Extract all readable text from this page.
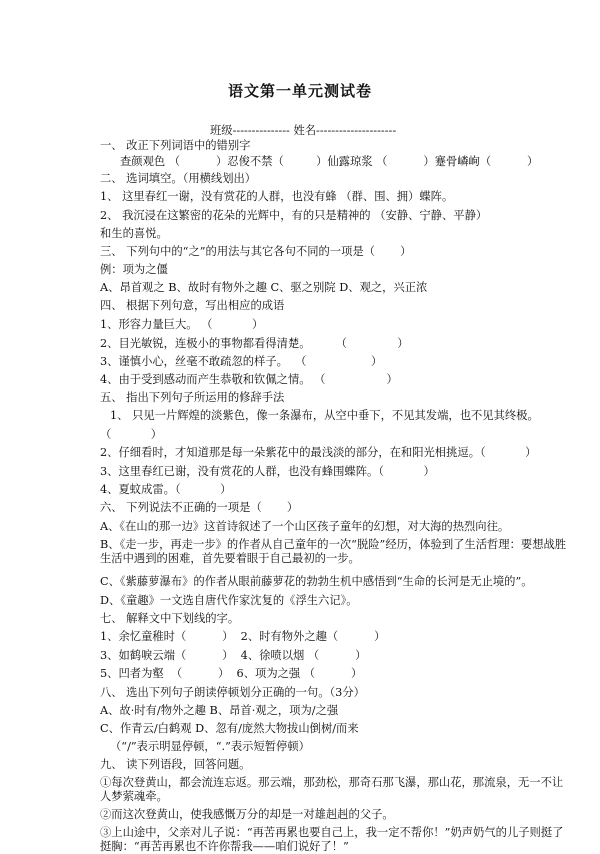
语文第一单元测试卷
班级--------------- 姓名---------------------
一、 改正下列词语中的错别字
查颜观色 （          ）忍俊不禁（         ）仙露琼浆 （          ）蹇骨嶙峋（          ）
二、 选词填空。（用横线划出）
1、 这里春红一谢，没有赏花的人群，也没有蜂 （群、围、拥）蝶阵。
2、 我沉浸在这繁密的花朵的光辉中，有的只是精神的 （安静、宁静、平静）
和生的喜悦。
三、 下列句中的“之”的用法与其它各句不同的一项是（       ）
例：项为之僵
A、昂首观之 B、故时有物外之趣 C、驱之别院 D、观之，兴正浓
四、 根据下列句意，写出相应的成语
1、形容力量巨大。 （           ）
2、目光敏锐，连极小的事物都看得清楚。       （              ）
3、谨慎小心，丝毫不敢疏忽的样子。  （                  ）
4、由于受到感动而产生恭敬和钦佩之情。 （                 ）
五、 指出下列句子所运用的修辞手法
1、 只见一片辉煌的淡紫色，像一条瀑布，从空中垂下，不见其发端，也不见其终极。
（           ）
2、仔细看时，才知道那是每一朵紫花中的最浅淡的部分，在和阳光相挑逗。（           ）
3、这里春红已谢，没有赏花的人群，也没有蜂围蝶阵。（           ）
4、夏蚊成雷。（           ）
六、 下列说法不正确的一项是（       ）
A、《在山的那一边》这首诗叙述了一个山区孩子童年的幻想，对大海的热烈向往。
B、《走一步，再走一步》的作者从自己童年的一次“脱险”经历，体验到了生活哲理：要想战胜生活中遇到的困难，首先要着眼于自己最初的一步。
C、《紫藤萝瀑布》的作者从眼前藤萝花的勃勃生机中感悟到“生命的长河是无止境的”。
D、《童趣》一文选自唐代作家沈复的《浮生六记》。
七、 解释文中下划线的字。
1、余忆童稚时（          ）  2、时有物外之趣（          ）
3、如鹤唳云端（          ）  4、徐喷以烟 （          ）
5、凹者为壑  （          ）  6、项为之强 （          ）
八、 选出下列句子朗读停顿划分正确的一句。（3分）
A、故·时有/物外之趣 B、昂首·观之，项为/之强
C、作青云/白鹤观 D、忽有/庞然大物拔山倒树/而来
（“/”表示明显停顿，“.”表示短暂停顿）
九、 读下列语段，回答问题。
①每次登黄山，都会流连忘返。那云端，那劲松，那奇石那飞瀑，那山花，那流泉，无一不让人梦萦魂牵。
②而这次登黄山，使我感慨万分的却是一对雄赳赳的父子。
③上山途中，父亲对儿子说：“再苦再累也要自己上，我一定不帮你！”奶声奶气的儿子则挺了挺胸：“再苦再累也不许你帮我——咱们说好了！”
